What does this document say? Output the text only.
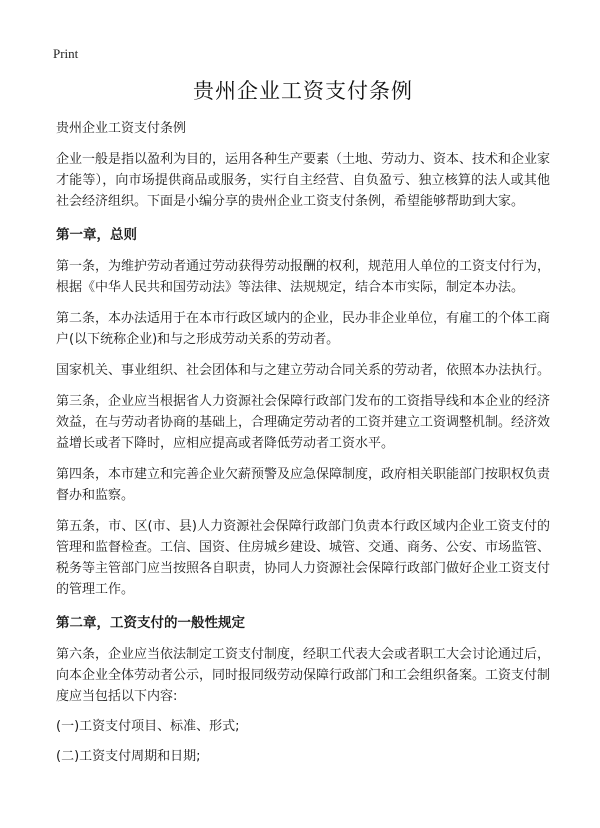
Print
贵州企业工资支付条例

贵州企业工资支付条例

企业一般是指以盈利为目的，运用各种生产要素（土地、劳动力、资本、技术和企业家才能等），向市场提供商品或服务，实行自主经营、自负盈亏、独立核算的法人或其他社会经济组织。下面是小编分享的贵州企业工资支付条例，希望能够帮助到大家。

第一章，总则

第一条，为维护劳动者通过劳动获得劳动报酬的权利，规范用人单位的工资支付行为，根据《中华人民共和国劳动法》等法律、法规规定，结合本市实际，制定本办法。

第二条，本办法适用于在本市行政区域内的企业，民办非企业单位，有雇工的个体工商户(以下统称企业)和与之形成劳动关系的劳动者。

国家机关、事业组织、社会团体和与之建立劳动合同关系的劳动者，依照本办法执行。

第三条，企业应当根据省人力资源社会保障行政部门发布的工资指导线和本企业的经济效益，在与劳动者协商的基础上，合理确定劳动者的工资并建立工资调整机制。经济效益增长或者下降时，应相应提高或者降低劳动者工资水平。

第四条，本市建立和完善企业欠薪预警及应急保障制度，政府相关职能部门按职权负责督办和监察。

第五条，市、区(市、县)人力资源社会保障行政部门负责本行政区域内企业工资支付的管理和监督检查。工信、国资、住房城乡建设、城管、交通、商务、公安、市场监管、税务等主管部门应当按照各自职责，协同人力资源社会保障行政部门做好企业工资支付的管理工作。

第二章，工资支付的一般性规定

第六条，企业应当依法制定工资支付制度，经职工代表大会或者职工大会讨论通过后，向本企业全体劳动者公示，同时报同级劳动保障行政部门和工会组织备案。工资支付制度应当包括以下内容:

(一)工资支付项目、标准、形式;

(二)工资支付周期和日期;
